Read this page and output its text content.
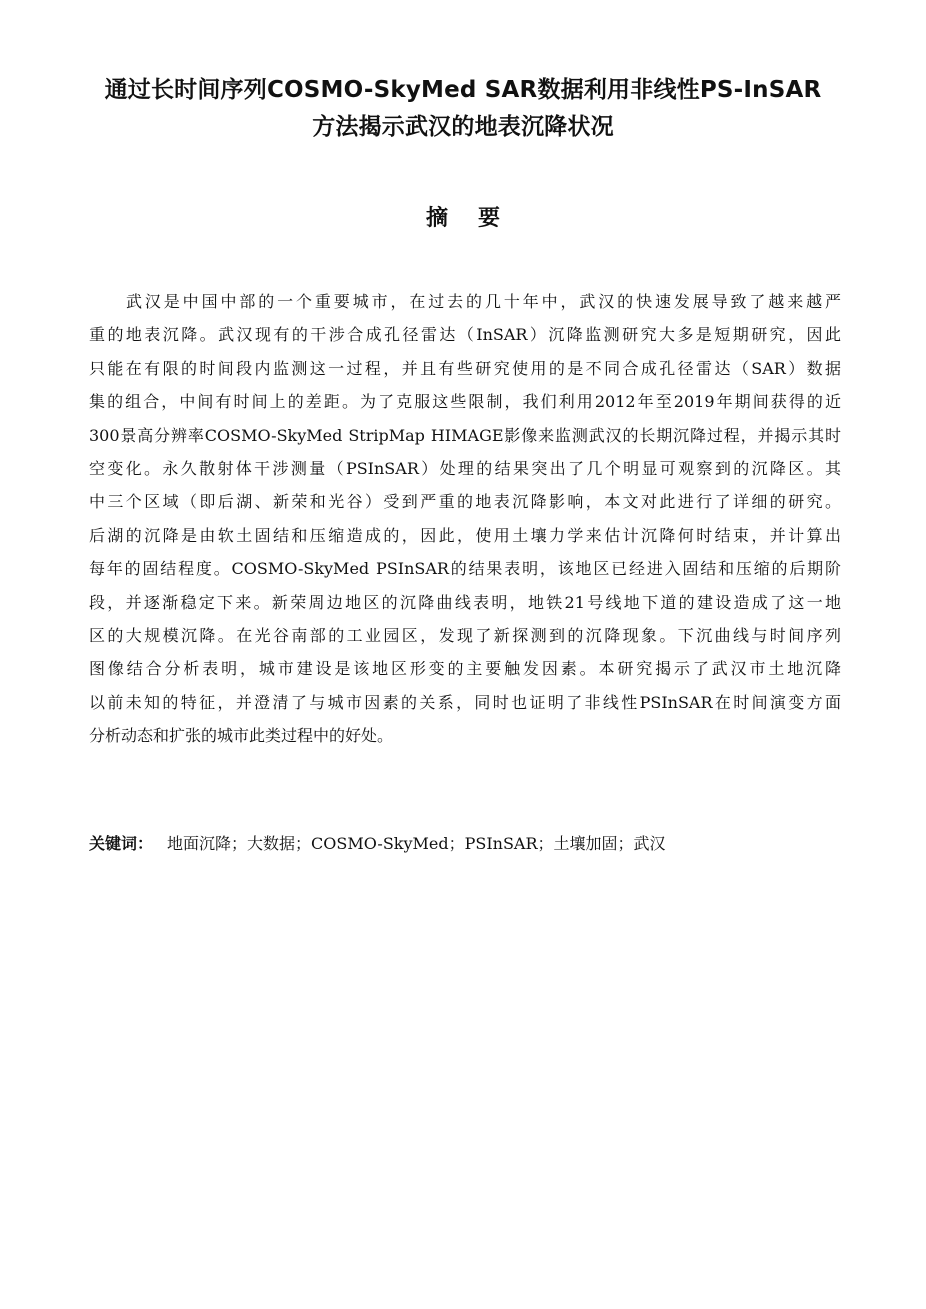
通过长时间序列COSMO-SkyMed SAR数据利用非线性PS-InSAR
方法揭示武汉的地表沉降状况
摘 要
武汉是中国中部的一个重要城市，在过去的几十年中，武汉的快速发展导致了越来越严
重的地表沉降。武汉现有的干涉合成孔径雷达（InSAR）沉降监测研究大多是短期研究，因此
只能在有限的时间段内监测这一过程，并且有些研究使用的是不同合成孔径雷达（SAR）数据
集的组合，中间有时间上的差距。为了克服这些限制，我们利用2012年至2019年期间获得的近
300景高分辨率COSMO-SkyMed StripMap HIMAGE影像来监测武汉的长期沉降过程，并揭示其时
空变化。永久散射体干涉测量（PSInSAR）处理的结果突出了几个明显可观察到的沉降区。其
中三个区域（即后湖、新荣和光谷）受到严重的地表沉降影响，本文对此进行了详细的研究。
后湖的沉降是由软土固结和压缩造成的，因此，使用土壤力学来估计沉降何时结束，并计算出
每年的固结程度。COSMO-SkyMed PSInSAR的结果表明，该地区已经进入固结和压缩的后期阶
段，并逐渐稳定下来。新荣周边地区的沉降曲线表明，地铁21号线地下道的建设造成了这一地
区的大规模沉降。在光谷南部的工业园区，发现了新探测到的沉降现象。下沉曲线与时间序列
图像结合分析表明，城市建设是该地区形变的主要触发因素。本研究揭示了武汉市土地沉降
以前未知的特征，并澄清了与城市因素的关系，同时也证明了非线性PSInSAR在时间演变方面
分析动态和扩张的城市此类过程中的好处。
关键词： 地面沉降；大数据；COSMO-SkyMed；PSInSAR；土壤加固；武汉
